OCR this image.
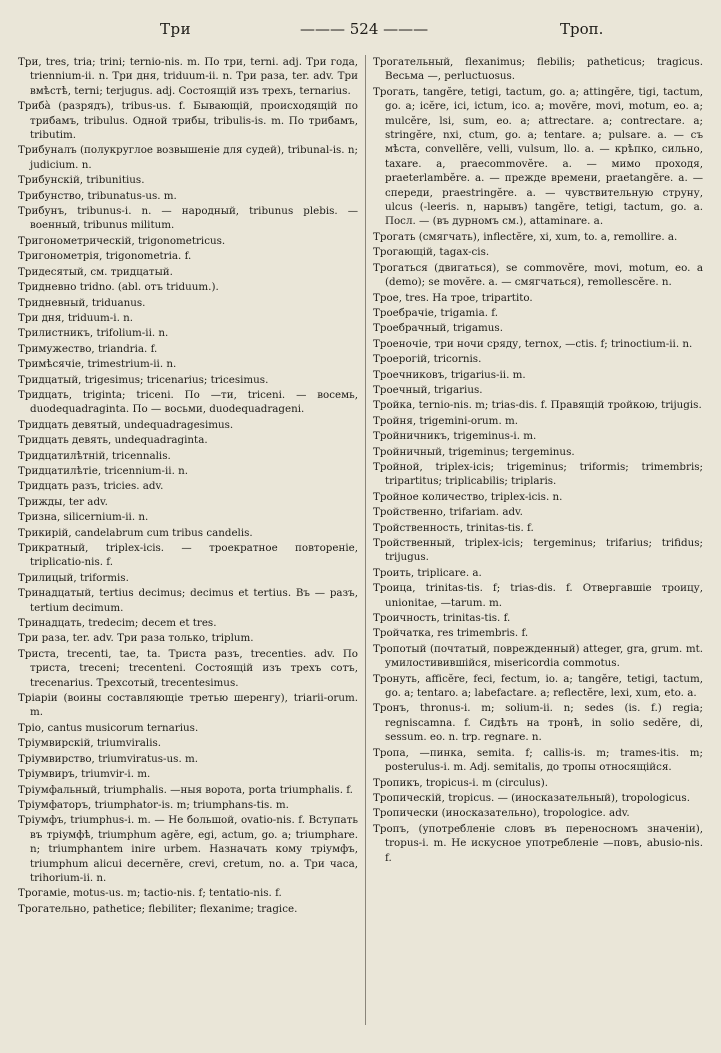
Три	——— 524 ———	Троп.

Три, tres, tria; trini; ternio-nis. m. По три, terni. adj. Три года, triennium-ii. n. Три дня, triduum-ii. n. Три раза, ter. adv. Три вмѣстѣ, terni; terjugus. adj. Состоящій изъ трехъ, ternarius.

Трибà (разрядъ), tribus-us. f. Бывающій, происходящій по трибамъ, tribulus. Одной трибы, tribulis-is. m. По трибамъ, tributim.

Трибуналъ (полукруглое возвышеніе для судей), tribunal-is. n; judicium. n.

Трибунскій, tribunitius.

Трибунство, tribunatus-us. m.

Трибунъ, tribunus-i. n. — народный, tribunus plebis. — военный, tribunus militum.

Тригонометрическій, trigonometricus.

Тригонометрія, trigonometria. f.

Тридесятый, см. тридцатый.

Тридневно tridno. (abl. отъ triduum.).

Тридневный, triduanus.

Три дня, triduum-i. n.

Трилистникъ, trifolium-ii. n.

Тримужество, triandria. f.

Тримѣсячіе, trimestrium-ii. n.

Тридцатый, trigesimus; tricenarius; tricesimus.

Тридцать, triginta; triceni. По —ти, triceni. — восемь, duodequadraginta. По — восьми, duodequadrageni.

Тридцать девятый, undequadragesimus.

Тридцать девять, undequadraginta.

Тридцатилѣтній, tricennalis.

Тридцатилѣтіе, tricennium-ii. n.

Тридцать разъ, tricies. adv.

Трижды, ter adv.

Тризна, silicernium-ii. n.

Трикирій, candelabrum cum tribus candelis.

Трикратный, triplex-icis. — троекратное повтореніе, triplicatio-nis. f.

Трилицый, triformis.

Тринадцатый, tertius decimus; decimus et tertius. Въ — разъ, tertium decimum.

Тринадцать, tredecim; decem et tres.

Три раза, ter. adv. Три раза только, triplum.

Триста, trecenti, tae, ta. Триста разъ, trecenties. adv. По триста, treceni; trecenteni. Состоящій изъ трехъ сотъ, trecenarius. Трехсотый, trecentesimus.

Тріаріи (воины составляющіе третью шеренгу), triarii-orum. m.

Тріо, cantus musicorum ternarius.

Тріумвирскій, triumviralis.

Тріумвирство, triumviratus-us. m.

Тріумвиръ, triumvir-i. m.

Тріумфальный, triumphalis. —ныя ворота, porta triumphalis. f.

Тріумфаторъ, triumphator-is. m; triumphans-tis. m.

Тріумфъ, triumphus-i. m. — Не большой, ovatio-nis. f. Вступать въ тріумфѣ, triumphum agĕre, egi, actum, go. a; triumphare. n; triumphantem inire urbem. Назначать кому тріумфъ, triumphum alicui decernĕre, crevi, cretum, no. a. Три часа, trihorium-ii. n.

Трогаміе, motus-us. m; tactio-nis. f; tentatio-nis. f.

Трогательно, pathetice; flebiliter; flexanime; tragice.

Трогательный, flexanimus; flebilis; patheticus; tragicus. Весьма —, perluctuosus.

Трогать, tangĕre, tetigi, tactum, go. a; attingĕre, tigi, tactum, go. a; icĕre, ici, ictum, ico. a; movĕre, movi, motum, eo. a; mulcĕre, lsi, sum, eo. a; attrectare. a; contrectare. a; stringĕre, nxi, ctum, go. a; tentare. a; pulsare. a. — съ мѣста, convellĕre, velli, vulsum, llo. a. — крѣпко, сильно, taxare. a, praecommovĕre. a. — мимо проходя, praeterlambĕre. a. — прежде времени, praetangĕre. a. — спереди, praestringĕre. a. — чувствительную струну, ulcus (-leeris. n, нарывъ) tangĕre, tetigi, tactum, go. a. Посл. — (въ дурномъ см.), attaminare. a.

Трогать (смягчать), inflectĕre, xi, xum, to. a, remollire. a.

Трогающій, tagax-cis.

Трогаться (двигаться), se commovĕre, movi, motum, eo. a (demo); se movĕre. a. — смягчаться), remollescĕre. n.

Трое, tres. На трое, tripartito.

Троебрачіе, trigamia. f.

Троебрачный, trigamus.

Троеночіе, три ночи сряду, ternox, —ctis. f; trinoctium-ii. n.

Троерогій, tricornis.

Троечниковъ, trigarius-ii. m.

Троечный, trigarius.

Тройка, ternio-nis. m; trias-dis. f. Правящій тройкою, trijugis.

Тройня, trigemini-orum. m.

Тройничникъ, trigeminus-i. m.

Тройничный, trigeminus; tergeminus.

Тройной, triplex-icis; trigeminus; triformis; trimembris; tripartitus; triplicabilis; triplaris.

Тройное количество, triplex-icis. n.

Тройственно, trifariam. adv.

Тройственность, trinitas-tis. f.

Тройственный, triplex-icis; tergeminus; trifarius; trifidus; trijugus.

Троить, triplicare. a.

Троица, trinitas-tis. f; trias-dis. f. Отвергавшіе троицу, unionitae, —tarum. m.

Троичность, trinitas-tis. f.

Тройчатка, res trimembris. f.

Тропотый (почтатый, поврежденный) atteger, gra, grum. mt. умилостивившійся, misericordia commotus.

Тронуть, afficĕre, feci, fectum, io. a; tangĕre, tetigi, tactum, go. a; tentaro. a; labefactare. a; reflectĕre, lexi, xum, eto. a.

Тронъ, thronus-i. m; solium-ii. n; sedes (is. f.) regia; regniscamna. f. Сидѣть на тронѣ, in solio sedĕre, di, sessum. eo. n. trp. regnare. n.

Тропа, —пинка, semita. f; callis-is. m; trames-itis. m; posterulus-i. m. Adj. semitalis, до тропы относящійся.

Тропикъ, tropicus-i. m (circulus).

Тропическій, tropicus. — (иносказательный), tropologicus.

Тропически (иносказательно), tropologice. adv.

Тропъ, (употребленіе словъ въ переносномъ значеніи), tropus-i. m. Не искусное употребленіе —повъ, abusio-nis. f.
